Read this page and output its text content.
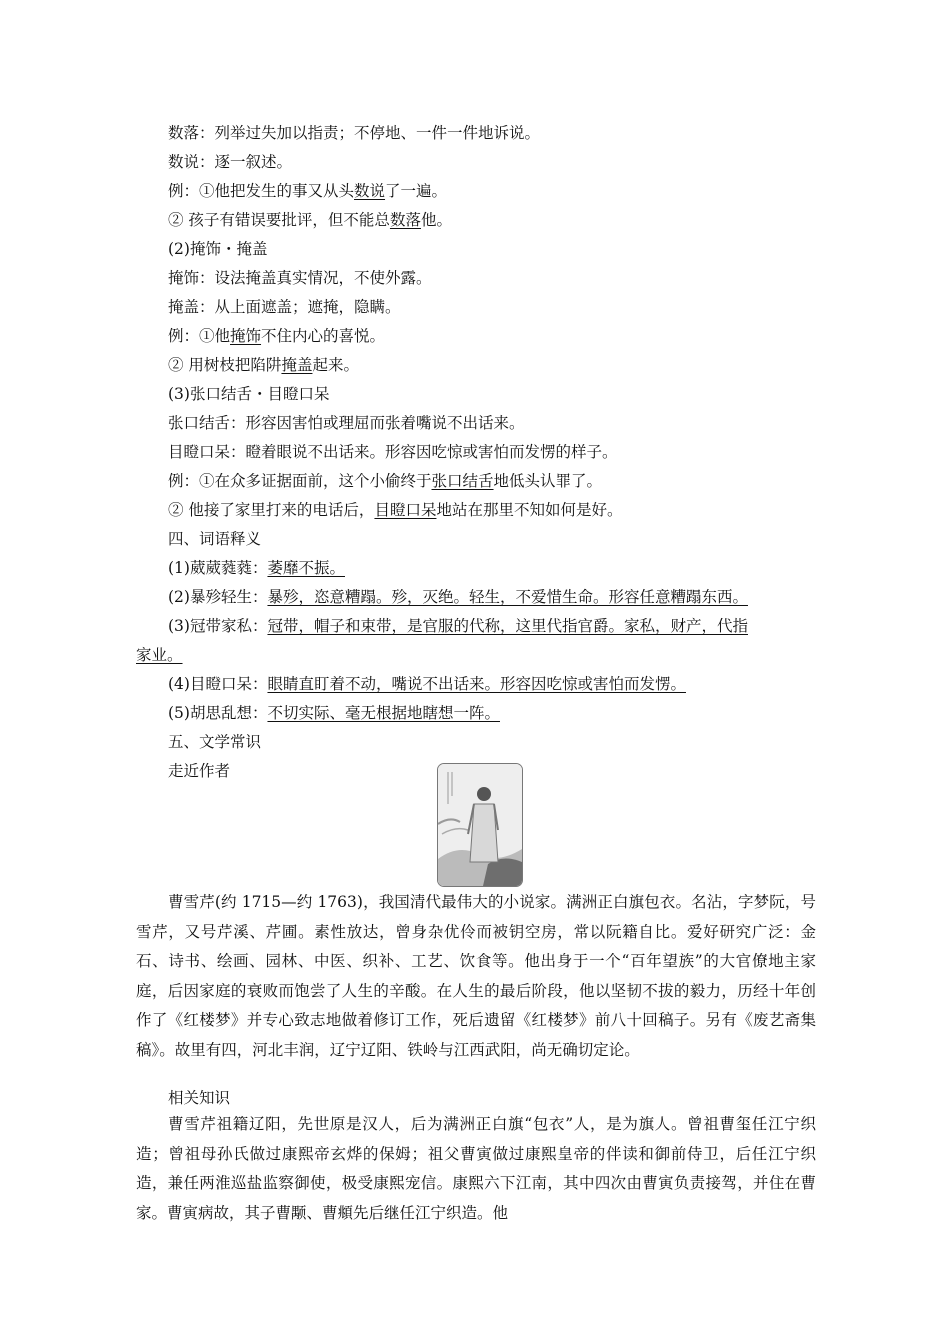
数落：列举过失加以指责；不停地、一件一件地诉说。
数说：逐一叙述。
例：①他把发生的事又从头数说了一遍。
② 孩子有错误要批评，但不能总数落他。
(2)掩饰・掩盖
掩饰：设法掩盖真实情况，不使外露。
掩盖：从上面遮盖；遮掩，隐瞒。
例：①他掩饰不住内心的喜悦。
② 用树枝把陷阱掩盖起来。
(3)张口结舌・目瞪口呆
张口结舌：形容因害怕或理屈而张着嘴说不出话来。
目瞪口呆：瞪着眼说不出话来。形容因吃惊或害怕而发愣的样子。
例：①在众多证据面前，这个小偷终于张口结舌地低头认罪了。
② 他接了家里打来的电话后，目瞪口呆地站在那里不知如何是好。
四、词语释义
(1)葳葳蕤蕤：萎靡不振。
(2)暴殄轻生：暴殄，恣意糟蹋。殄，灭绝。轻生，不爱惜生命。形容任意糟蹋东西。
(3)冠带家私：冠带，帽子和束带，是官服的代称，这里代指官爵。家私，财产，代指
家业。
(4)目瞪口呆：眼睛直盯着不动，嘴说不出话来。形容因吃惊或害怕而发愣。
(5)胡思乱想：不切实际、毫无根据地瞎想一阵。
五、文学常识
走近作者
曹雪芹(约 1715—约 1763)，我国清代最伟大的小说家。满洲正白旗包衣。名沾，字梦阮，号雪芹，又号芹溪、芹圃。素性放达，曾身杂优伶而被钥空房，常以阮籍自比。爱好研究广泛：金石、诗书、绘画、园林、中医、织补、工艺、饮食等。他出身于一个“百年望族”的大官僚地主家庭，后因家庭的衰败而饱尝了人生的辛酸。在人生的最后阶段，他以坚韧不拔的毅力，历经十年创作了《红楼梦》并专心致志地做着修订工作，死后遗留《红楼梦》前八十回稿子。另有《废艺斋集稿》。故里有四，河北丰润，辽宁辽阳、铁岭与江西武阳，尚无确切定论。
相关知识
曹雪芹祖籍辽阳，先世原是汉人，后为满洲正白旗“包衣”人，是为旗人。曾祖曹玺任江宁织造；曾祖母孙氏做过康熙帝玄烨的保姆；祖父曹寅做过康熙皇帝的伴读和御前侍卫，后任江宁织造，兼任两淮巡盐监察御使，极受康熙宠信。康熙六下江南，其中四次由曹寅负责接驾，并住在曹家。曹寅病故，其子曹颙、曹頫先后继任江宁织造。他
